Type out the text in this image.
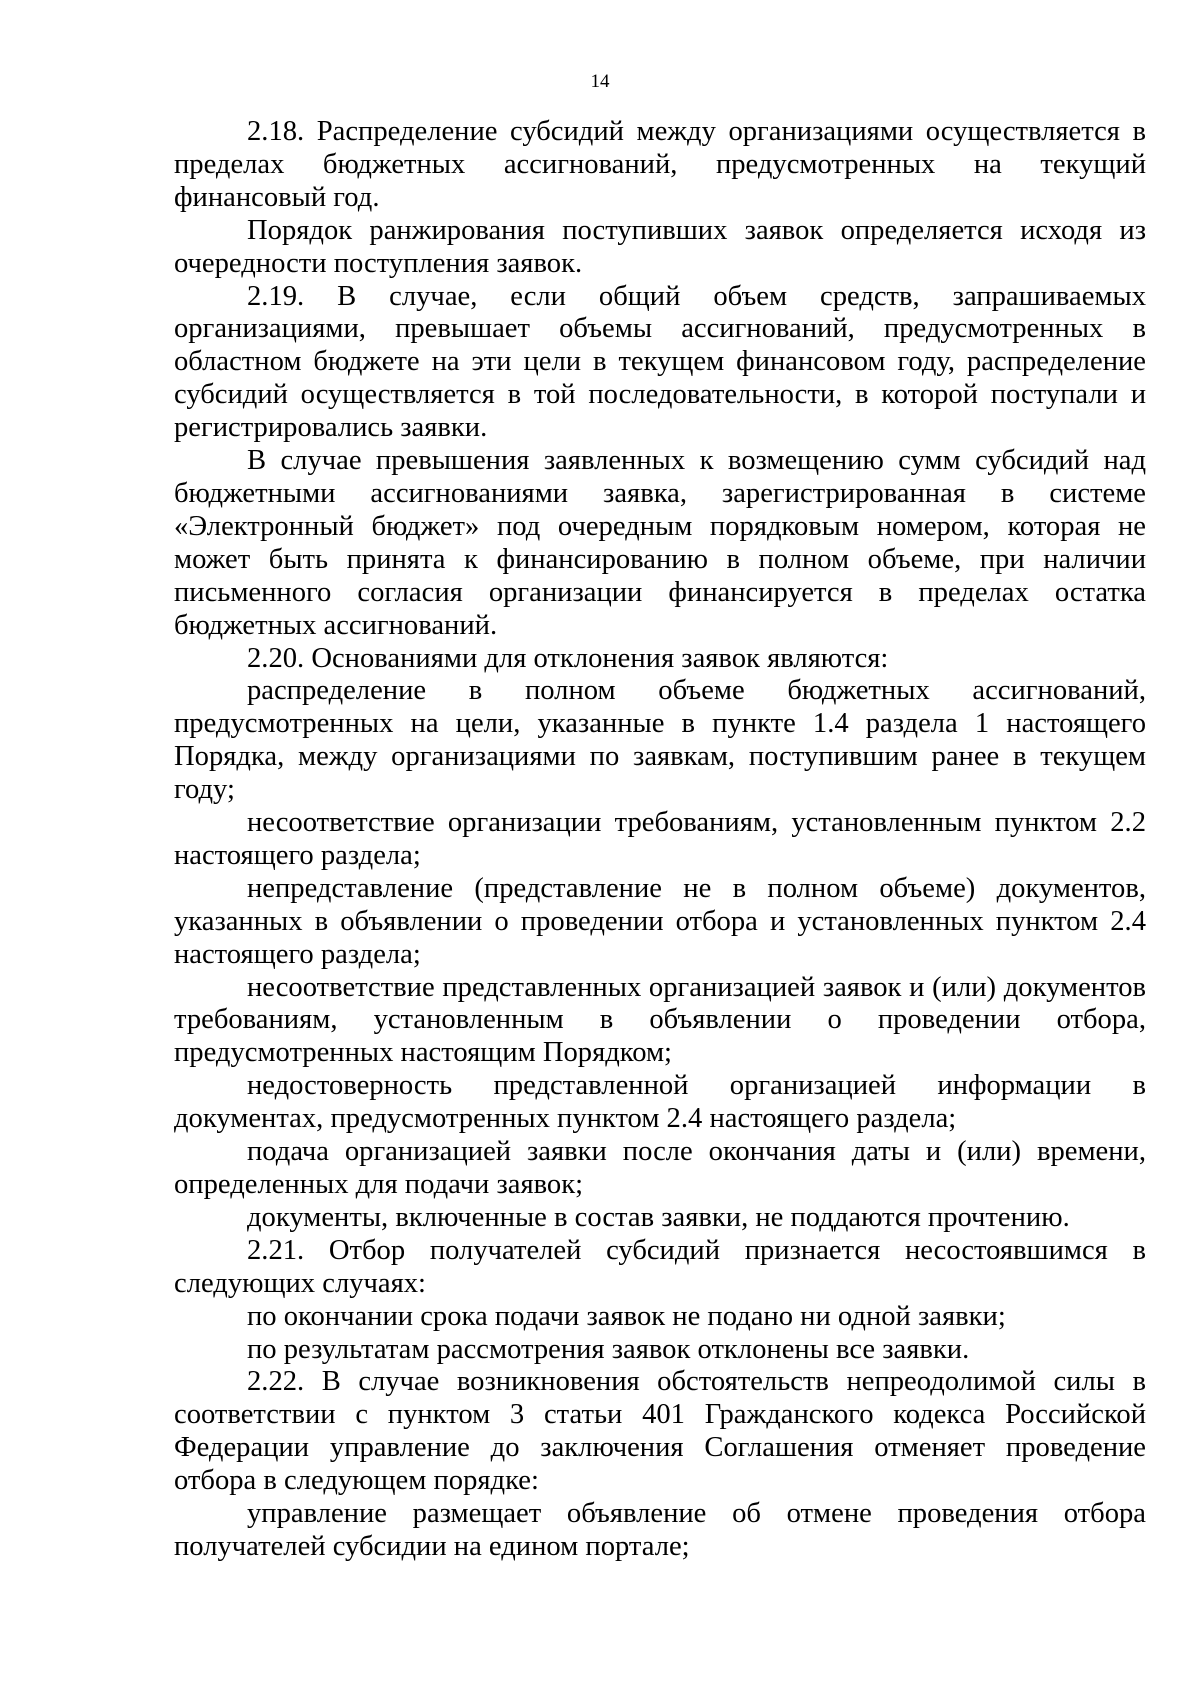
14

2.18. Распределение субсидий между организациями осуществляется в пределах бюджетных ассигнований, предусмотренных на текущий финансовый год.

Порядок ранжирования поступивших заявок определяется исходя из очередности поступления заявок.

2.19. В случае, если общий объем средств, запрашиваемых организациями, превышает объемы ассигнований, предусмотренных в областном бюджете на эти цели в текущем финансовом году, распределение субсидий осуществляется в той последовательности, в которой поступали и регистрировались заявки.

В случае превышения заявленных к возмещению сумм субсидий над бюджетными ассигнованиями заявка, зарегистрированная в системе «Электронный бюджет» под очередным порядковым номером, которая не может быть принята к финансированию в полном объеме, при наличии письменного согласия организации финансируется в пределах остатка бюджетных ассигнований.

2.20. Основаниями для отклонения заявок являются:

распределение в полном объеме бюджетных ассигнований, предусмотренных на цели, указанные в пункте 1.4 раздела 1 настоящего Порядка, между организациями по заявкам, поступившим ранее в текущем году;

несоответствие организации требованиям, установленным пунктом 2.2 настоящего раздела;

непредставление (представление не в полном объеме) документов, указанных в объявлении о проведении отбора и установленных пунктом 2.4 настоящего раздела;

несоответствие представленных организацией заявок и (или) документов требованиям, установленным в объявлении о проведении отбора, предусмотренных настоящим Порядком;

недостоверность представленной организацией информации в документах, предусмотренных пунктом 2.4 настоящего раздела;

подача организацией заявки после окончания даты и (или) времени, определенных для подачи заявок;

документы, включенные в состав заявки, не поддаются прочтению.

2.21. Отбор получателей субсидий признается несостоявшимся в следующих случаях:

по окончании срока подачи заявок не подано ни одной заявки;

по результатам рассмотрения заявок отклонены все заявки.

2.22. В случае возникновения обстоятельств непреодолимой силы в соответствии с пунктом 3 статьи 401 Гражданского кодекса Российской Федерации управление до заключения Соглашения отменяет проведение отбора в следующем порядке:

управление размещает объявление об отмене проведения отбора получателей субсидии на едином портале;
